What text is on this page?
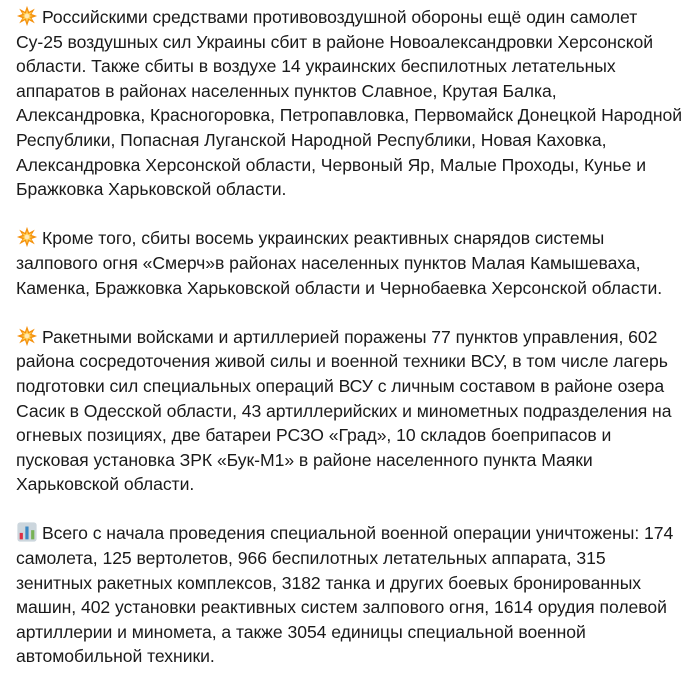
Российскими средствами противовоздушной обороны ещё один самолет Су-25 воздушных сил Украины сбит в районе Новоалександровки Херсонской области. Также сбиты в воздухе 14 украинских беспилотных летательных аппаратов в районах населенных пунктов Славное, Крутая Балка, Александровка, Красногоровка, Петропавловка, Первомайск Донецкой Народной Республики, Попасная Луганской Народной Республики, Новая Каховка, Александровка Херсонской области, Червоный Яр, Малые Проходы, Кунье и Бражковка Харьковской области.

Кроме того, сбиты восемь украинских реактивных снарядов системы залпового огня «Смерч»в районах населенных пунктов Малая Камышеваха, Каменка, Бражковка Харьковской области и Чернобаевка Херсонской области.

Ракетными войсками и артиллерией поражены 77 пунктов управления, 602 района сосредоточения живой силы и военной техники ВСУ, в том числе лагерь подготовки сил специальных операций ВСУ с личным составом в районе озера Сасик в Одесской области, 43 артиллерийских и минометных подразделения на огневых позициях, две батареи РСЗО «Град», 10 складов боеприпасов и пусковая установка ЗРК «Бук-М1» в районе населенного пункта Маяки Харьковской области.

Всего с начала проведения специальной военной операции уничтожены: 174 самолета, 125 вертолетов, 966 беспилотных летательных аппарата, 315 зенитных ракетных комплексов, 3182 танка и других боевых бронированных машин, 402 установки реактивных систем залпового огня, 1614 орудия полевой артиллерии и миномета, а также 3054 единицы специальной военной автомобильной техники.
